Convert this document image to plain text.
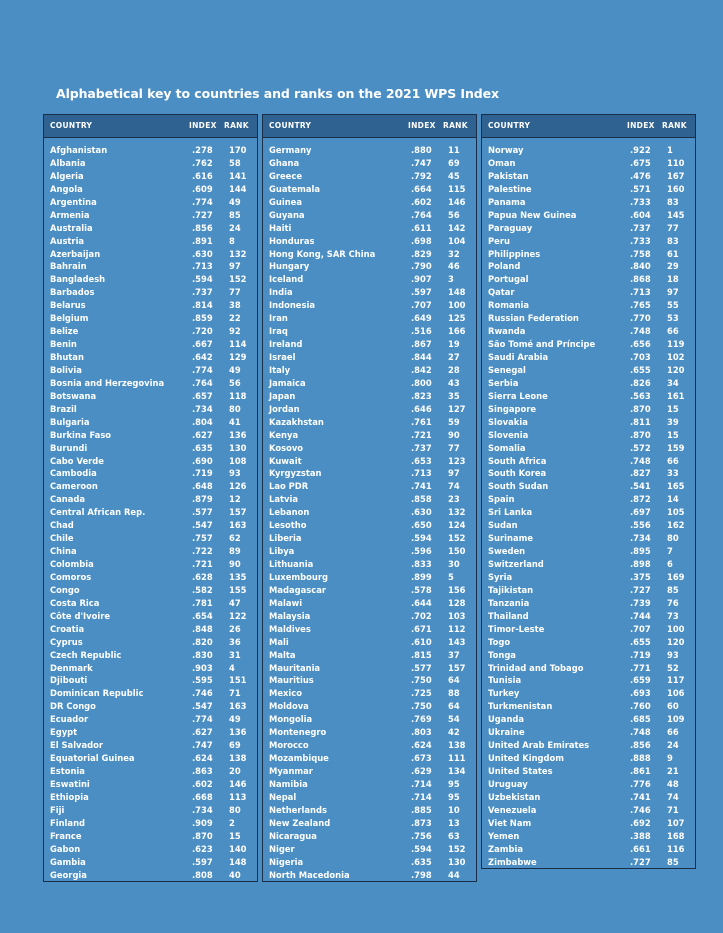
Alphabetical key to countries and ranks on the 2021 WPS Index
COUNTRY	INDEX RANK
Afghanistan	.278 170
Albania	.762 58
Algeria	.616 141
Angola	.609 144
Argentina	.774 49
Armenia	.727 85
Australia	.856 24
Austria	.891 8
Azerbaijan	.630 132
Bahrain	.713 97
Bangladesh	.594 152
Barbados	.737 77
Belarus	.814 38
Belgium	.859 22
Belize	.720 92
Benin	.667 114
Bhutan	.642 129
Bolivia	.774 49
Bosnia and Herzegovina	.764 56
Botswana	.657 118
Brazil	.734 80
Bulgaria	.804 41
Burkina Faso	.627 136
Burundi	.635 130
Cabo Verde	.690 108
Cambodia	.719 93
Cameroon	.648 126
Canada	.879 12
Central African Rep.	.577 157
Chad	.547 163
Chile	.757 62
China	.722 89
Colombia	.721 90
Comoros	.628 135
Congo	.582 155
Costa Rica	.781 47
Côte d'Ivoire	.654 122
Croatia	.848 26
Cyprus	.820 36
Czech Republic	.830 31
Denmark	.903 4
Djibouti	.595 151
Dominican Republic	.746 71
DR Congo	.547 163
Ecuador	.774 49
Egypt	.627 136
El Salvador	.747 69
Equatorial Guinea	.624 138
Estonia	.863 20
Eswatini	.602 146
Ethiopia	.668 113
Fiji	.734 80
Finland	.909 2
France	.870 15
Gabon	.623 140
Gambia	.597 148
Georgia	.808 40
COUNTRY	INDEX RANK
Germany	.880 11
Ghana	.747 69
Greece	.792 45
Guatemala	.664 115
Guinea	.602 146
Guyana	.764 56
Haiti	.611 142
Honduras	.698 104
Hong Kong, SAR China	.829 32
Hungary	.790 46
Iceland	.907 3
India	.597 148
Indonesia	.707 100
Iran	.649 125
Iraq	.516 166
Ireland	.867 19
Israel	.844 27
Italy	.842 28
Jamaica	.800 43
Japan	.823 35
Jordan	.646 127
Kazakhstan	.761 59
Kenya	.721 90
Kosovo	.737 77
Kuwait	.653 123
Kyrgyzstan	.713 97
Lao PDR	.741 74
Latvia	.858 23
Lebanon	.630 132
Lesotho	.650 124
Liberia	.594 152
Libya	.596 150
Lithuania	.833 30
Luxembourg	.899 5
Madagascar	.578 156
Malawi	.644 128
Malaysia	.702 103
Maldives	.671 112
Mali	.610 143
Malta	.815 37
Mauritania	.577 157
Mauritius	.750 64
Mexico	.725 88
Moldova	.750 64
Mongolia	.769 54
Montenegro	.803 42
Morocco	.624 138
Mozambique	.673 111
Myanmar	.629 134
Namibia	.714 95
Nepal	.714 95
Netherlands	.885 10
New Zealand	.873 13
Nicaragua	.756 63
Niger	.594 152
Nigeria	.635 130
North Macedonia	.798 44
COUNTRY	INDEX RANK
Norway	.922 1
Oman	.675 110
Pakistan	.476 167
Palestine	.571 160
Panama	.733 83
Papua New Guinea	.604 145
Paraguay	.737 77
Peru	.733 83
Philippines	.758 61
Poland	.840 29
Portugal	.868 18
Qatar	.713 97
Romania	.765 55
Russian Federation	.770 53
Rwanda	.748 66
São Tomé and Príncipe	.656 119
Saudi Arabia	.703 102
Senegal	.655 120
Serbia	.826 34
Sierra Leone	.563 161
Singapore	.870 15
Slovakia	.811 39
Slovenia	.870 15
Somalia	.572 159
South Africa	.748 66
South Korea	.827 33
South Sudan	.541 165
Spain	.872 14
Sri Lanka	.697 105
Sudan	.556 162
Suriname	.734 80
Sweden	.895 7
Switzerland	.898 6
Syria	.375 169
Tajikistan	.727 85
Tanzania	.739 76
Thailand	.744 73
Timor-Leste	.707 100
Togo	.655 120
Tonga	.719 93
Trinidad and Tobago	.771 52
Tunisia	.659 117
Turkey	.693 106
Turkmenistan	.760 60
Uganda	.685 109
Ukraine	.748 66
United Arab Emirates	.856 24
United Kingdom	.888 9
United States	.861 21
Uruguay	.776 48
Uzbekistan	.741 74
Venezuela	.746 71
Viet Nam	.692 107
Yemen	.388 168
Zambia	.661 116
Zimbabwe	.727 85
